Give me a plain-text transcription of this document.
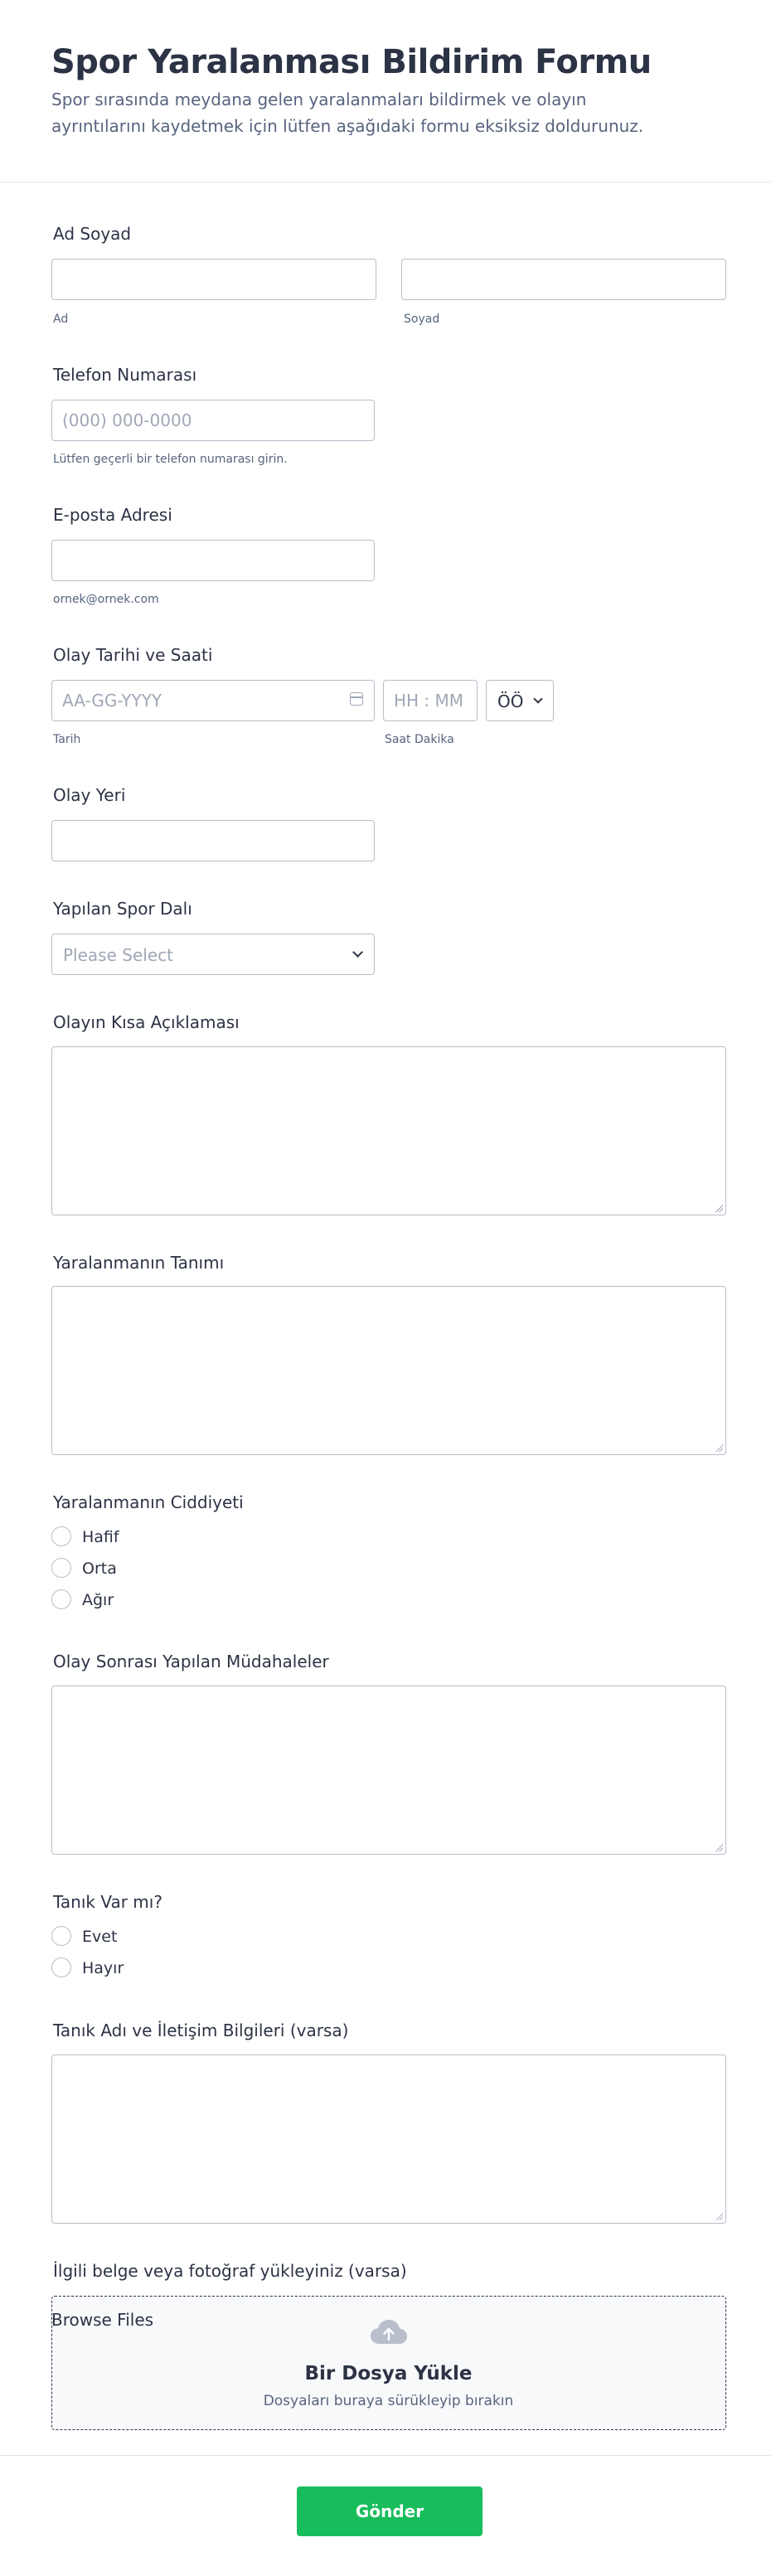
Spor Yaralanması Bildirim Formu

Spor sırasında meydana gelen yaralanmaları bildirmek ve olayın ayrıntılarını kaydetmek için lütfen aşağıdaki formu eksiksiz doldurunuz.

Ad Soyad
Ad	Soyad
Telefon Numarası
(000) 000-0000
Lütfen geçerli bir telefon numarası girin.
E-posta Adresi
ornek@ornek.com
Olay Tarihi ve Saati
AA-GG-YYYY
HH : MM
ÖÖ
Tarih	Saat Dakika
Olay Yeri
Yapılan Spor Dalı
Please Select
Olayın Kısa Açıklaması
Yaralanmanın Tanımı
Yaralanmanın Ciddiyeti
Hafif
Orta
Ağır
Olay Sonrası Yapılan Müdahaleler
Tanık Var mı?
Evet
Hayır
Tanık Adı ve İletişim Bilgileri (varsa)
İlgili belge veya fotoğraf yükleyiniz (varsa)
Browse Files
Bir Dosya Yükle
Dosyaları buraya sürükleyip bırakın
Gönder
